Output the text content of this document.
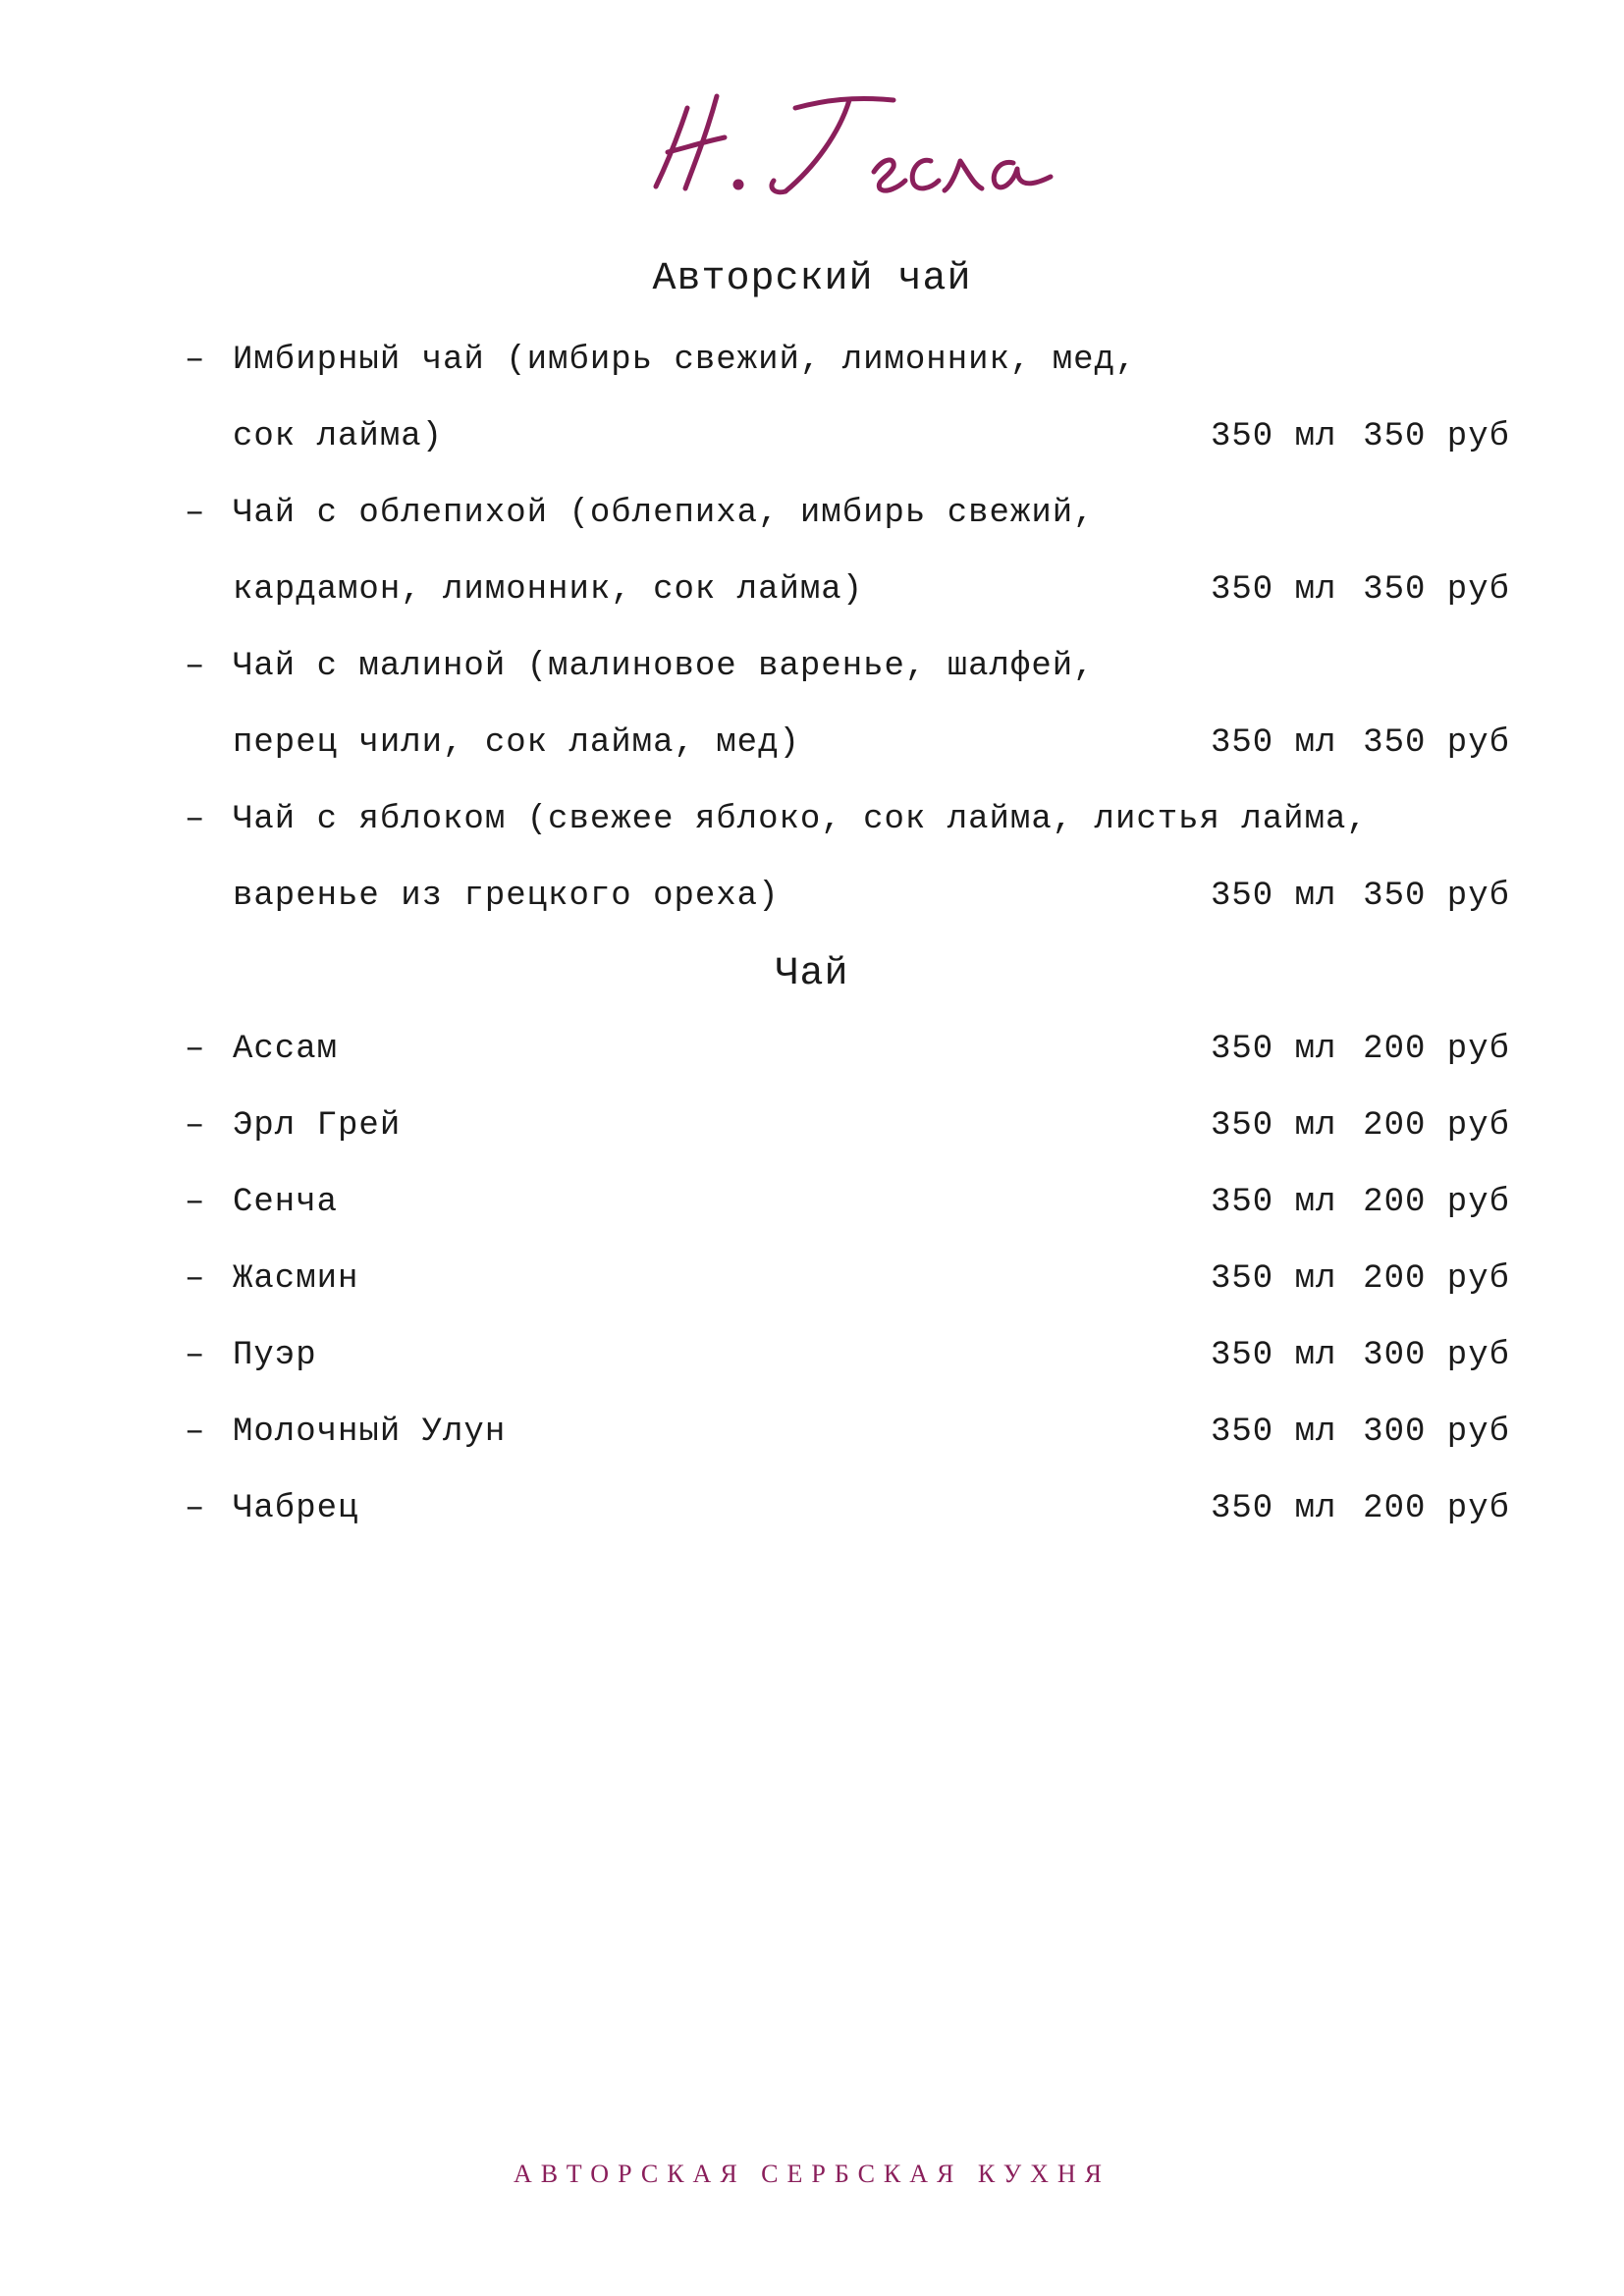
Авторский чай
– Имбирный чай (имбирь свежий, лимонник, мед,
сок лайма)	350 мл 350 руб
– Чай с облепихой (облепиха, имбирь свежий,
кардамон, лимонник, сок лайма)	350 мл 350 руб
– Чай с малиной (малиновое варенье, шалфей,
перец чили, сок лайма, мед)	350 мл 350 руб
– Чай с яблоком (свежее яблоко, сок лайма, листья лайма,
варенье из грецкого ореха)	350 мл 350 руб
Чай
– Ассам	350 мл 200 руб
– Эрл Грей	350 мл 200 руб
– Сенча	350 мл 200 руб
– Жасмин	350 мл 200 руб
– Пуэр	350 мл 300 руб
– Молочный Улун	350 мл 300 руб
– Чабрец	350 мл 200 руб
АВТОРСКАЯ СЕРБСКАЯ КУХНЯ
